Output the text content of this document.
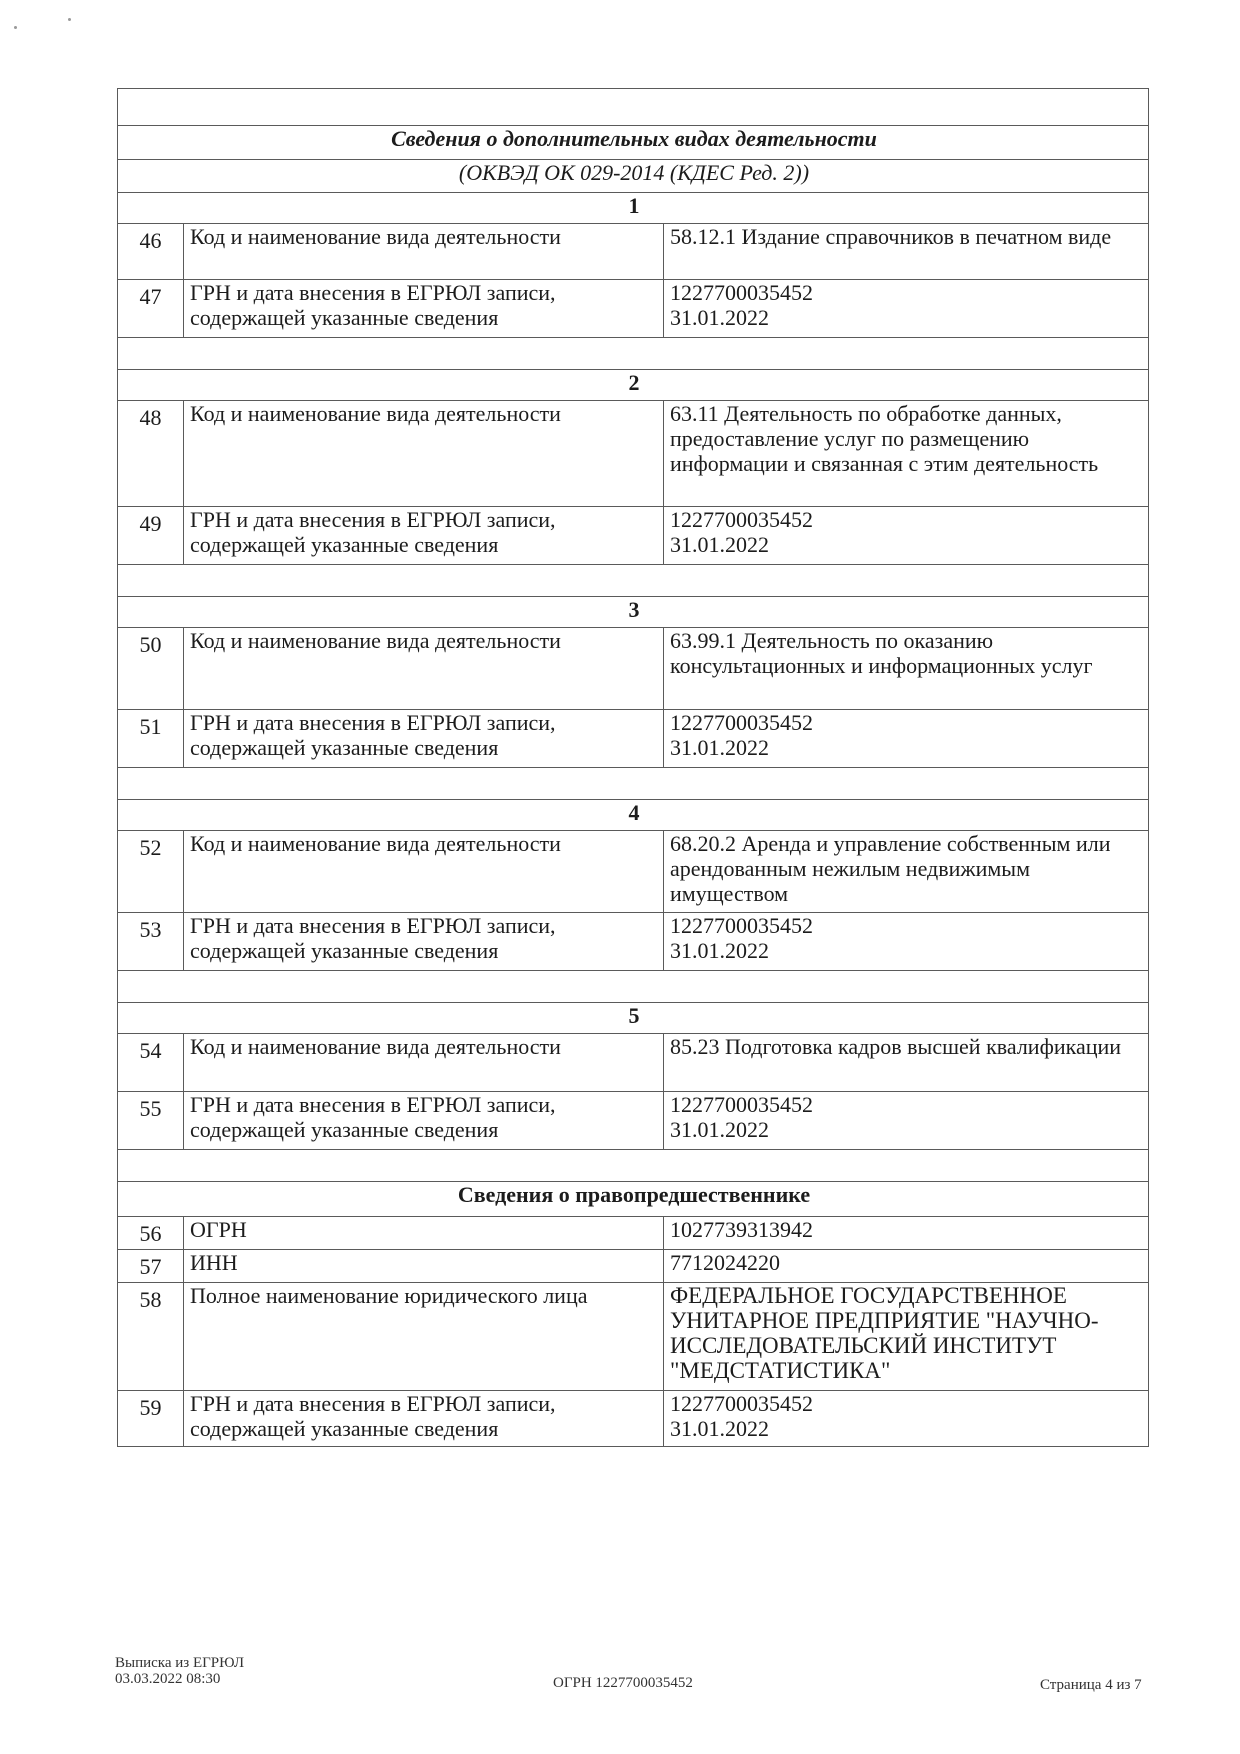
Сведения о дополнительных видах деятельности		
(ОКВЭД ОК 029-2014 (КДЕС Ред. 2))		
1		
46	Код и наименование вида деятельности	58.12.1 Издание справочников в печатном виде
47	ГРН и дата внесения в ЕГРЮЛ записи, содержащей указанные сведения	1227700035452
31.01.2022

2		
48	Код и наименование вида деятельности	63.11 Деятельность по обработке данных, предоставление услуг по размещению информации и связанная с этим деятельность
49	ГРН и дата внесения в ЕГРЮЛ записи, содержащей указанные сведения	1227700035452
31.01.2022

3		
50	Код и наименование вида деятельности	63.99.1 Деятельность по оказанию консультационных и информационных услуг
51	ГРН и дата внесения в ЕГРЮЛ записи, содержащей указанные сведения	1227700035452
31.01.2022

4		
52	Код и наименование вида деятельности	68.20.2 Аренда и управление собственным или арендованным нежилым недвижимым имуществом
53	ГРН и дата внесения в ЕГРЮЛ записи, содержащей указанные сведения	1227700035452
31.01.2022

5		
54	Код и наименование вида деятельности	85.23 Подготовка кадров высшей квалификации
55	ГРН и дата внесения в ЕГРЮЛ записи, содержащей указанные сведения	1227700035452
31.01.2022

Сведения о правопредшественнике		
56	ОГРН	1027739313942
57	ИНН	7712024220
58	Полное наименование юридического лица	ФЕДЕРАЛЬНОЕ ГОСУДАРСТВЕННОЕ УНИТАРНОЕ ПРЕДПРИЯТИЕ "НАУЧНО-ИССЛЕДОВАТЕЛЬСКИЙ ИНСТИТУТ "МЕДСТАТИСТИКА"
59	ГРН и дата внесения в ЕГРЮЛ записи, содержащей указанные сведения	1227700035452
31.01.2022
Выписка из ЕГРЮЛ
03.03.2022 08:30	ОГРН 1227700035452	Страница 4 из 7
